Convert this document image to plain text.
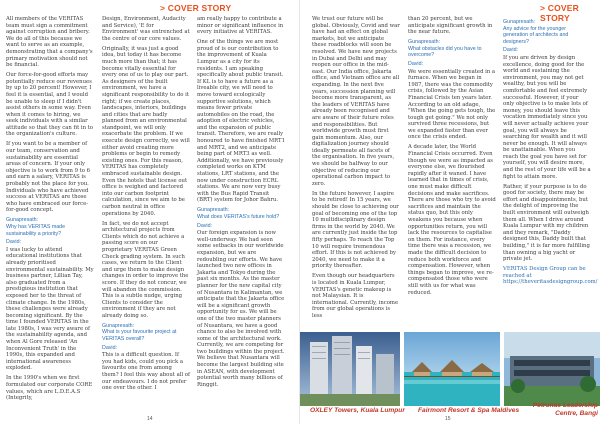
> COVER STORY

All members of the VERITAS team must sign a commitment against corruption and bribery. We do all of this because we want to serve as an example, demonstrating that a company's primary motivation should not be financial.

Our force-for-good efforts may potentially reduce our revenues by up to 20 percent! However, I feel it is essential, and I would be unable to sleep if I didn't assist others in some way. Even when it comes to hiring, we seek individuals with a similar attitude so that they can fit in to the organization's culture.

If you want to be a member of our team, conservation and sustainability are essential areas of concern. If your only objective is to work from 9 to 6 and earn a salary, VERITAS is probably not the place for you. Individuals who have achieved success at VERITAS are those who have embraced our force-for-good concept.

Gunapresath:
Why has VERITAS made sustainability a priority?
David:

I was lucky to attend educational institutions that already prioritised environmental sustainability. My business partner, Lillian Tay, also graduated from a prestigious institution that exposed her to the threat of climate change. In the 1980s, these challenges were already becoming significant. By the time I founded VERITAS in the late 1980s, I was very aware of the sustainability agenda, and when Al Gore released 'An Inconvenient Truth' in the 1990s, this expanded and international awareness exploded.

In the 1990's when we first formulated our corporate CORE values, which are L.D.E.A.S (Integrity,

Design, Environment, Audacity and Service), 'E for Environment' was entrenched at the centre of our core values.

Originally, it was just a good idea, but today it has become much more than that; it has become vitally essential for every one of us to play our part. As designers of the built environment, we have a significant responsibility to do it right; if we create places, landscapes, interiors, buildings and cities that are badly planned from an environmental standpoint, we will only exacerbate the problem. If we execute design correctly, we will either avoid creating more problems or begin to remedy existing ones. For this reason, VERITAS has completely embraced sustainable design. Even the hotels that license out office is weighed and factored into our carbon footprint calculation, since we aim to be carbon neutral in office operations by 2040.

In fact, we do not accept architectural projects from Clients which do not achieve a passing score on our proprietary VERITAS Green Check grading system. In such cases, we return to the Client and urge them to make design changes in order to improve the score. If they do not concur, we will abandon the commission. This is a subtle nudge, urging Clients to consider the environment if they are not already doing so.

Gunapresath:
What is your favourite project at VERITAS overall?
David:

This is a difficult question. If you had kids, could you pick a favourite one from among them? I feel this way about all of our endeavours. I do not prefer one over the other. I

am really happy to contribute a minor or significant influence in every initiative at VERITAS.

One of the things we are most proud of is our contribution to the improvement of Kuala Lumpur as a city for its residents. I am speaking specifically about public transit. If KL is to have a future as a liveable city, we will need to move toward ecologically supportive solutions, which means fewer private automobiles on the road, the adoption of electric vehicles, and the expansion of public transit. Therefore, we are really honoured to have finished MRT1 and MRT2, and we anticipate being part of MRT3 as well. Additionally, we have previously completed works on KTM stations, LRT stations, and the now under construction ECRL stations. We are now very busy with the Bus Rapid Transit (BRT) system for Johor Bahru.

Gunapresath:
What does VERITAS's future hold?
David:

Our foreign expansion is now well-underway. We had seen some setbacks in our worldwide expansion, but we are redoubling our efforts. We have launched two new offices in Jakarta and Tokyo during the past six months. As the master planner for the new capital city of Nusantara in Kalimantan, we anticipate that the Jakarta office will be a significant growth opportunity for us. We will be one of the two master planners of Nusantara, we have a good chance to also be involved with some of the architectural work. Currently, we are competing for two buildings within the project. We believe that Nusantara will become the largest building site in ASEAN, with development potential worth many billions of Ringgit.

14
> COVER STORY

We trust our future will be global. Obviously, Covid and war have had an effect on global markets, but we anticipate these roadblocks will soon be resolved. We have new projects in Dubai and Delhi and may reopen our office in the mid-east. Our India office, Jakarta office, and Vietnam office are all expanding. In the next five years, succession planning will become more transparent, as the leaders of VERITAS have already been recognised and are aware of their future roles and responsibilities. But worldwide growth must first gain momentum. Also, our digitalization journey should ideally permeate all facets of the organisation. In five years, we should be halfway to our objective of reducing our operational carbon impact to zero.

In the future however, I aspire to be retired! In 15 years, we should be close to achieving our goal of becoming one of the top 10 multidisciplinary design firms in the world by 2040. We are currently just inside the top fifty perhaps. To reach the Top 10 will require tremendous effort. If this is not achieved by 2040, we need to make it a priority thereafter.

Even though our headquarters is located in Kuala Lumpur, VERITAS's genetic makeup is not Malaysian. It is international. Currently, income from our global operations is less

than 20 percent, but we anticipate significant growth in the near future.

Gunapresath:
What obstacles did you have to overcome?
David:

We were essentially created in a furnace. When we began in 1987, there was the commodity crisis, followed by the Asian Financial Crisis ten years later. According to an old adage, "When the going gets tough, the tough get going." We not only survived three recessions, but we expanded faster than ever once the crisis ended.

A decade later, the World Financial Crisis occurred. Even though we were as impacted as everyone else, we flourished rapidly after it waned. I have learned that in times of crisis, one must make difficult decisions and make sacrifices. There are those who try to avoid sacrifices and maintain the status quo, but this only weakens you because when opportunities return, you will lack the resources to capitalise on them. For instance, every time there was a recession, we made the difficult decision to reduce both workforce and compensation. However, when things began to improve, we re-compensated those who were still with us for what was reduced.

Gunapresath:
Any advice for the younger generation of architects and designers?
David:

If you are driven by design excellence, doing good for the world and sustaining the environment, you may not get wealthy, but you will be comfortable and feel extremely successful. However, if your only objective is to make lots of money, you should leave this vocation immediately since you will never actually achieve your goal, you will always be searching for wealth and it will never be enough. It will always be unattainable. When you reach the goal you have set for yourself, you will desire more, and the rest of your life will be a fight to attain more.

Rather, if your purpose is to do good for society, there may be effort and disappointments, but the delight of improving the built environment will outweigh them all. When I drive around Kuala Lumpur with my children and they remark, "Daddy designed this, Daddy built that building," it is far more fulfilling than owning a big yacht or private jet.

VERITAS Design Group can be reached at https://theveritasdesigngroup.com/

OXLEY Towers, Kuala Lumpur Fairmont Resort & Spa Maldives
Petronas Leadership Centre, Bangi
15
